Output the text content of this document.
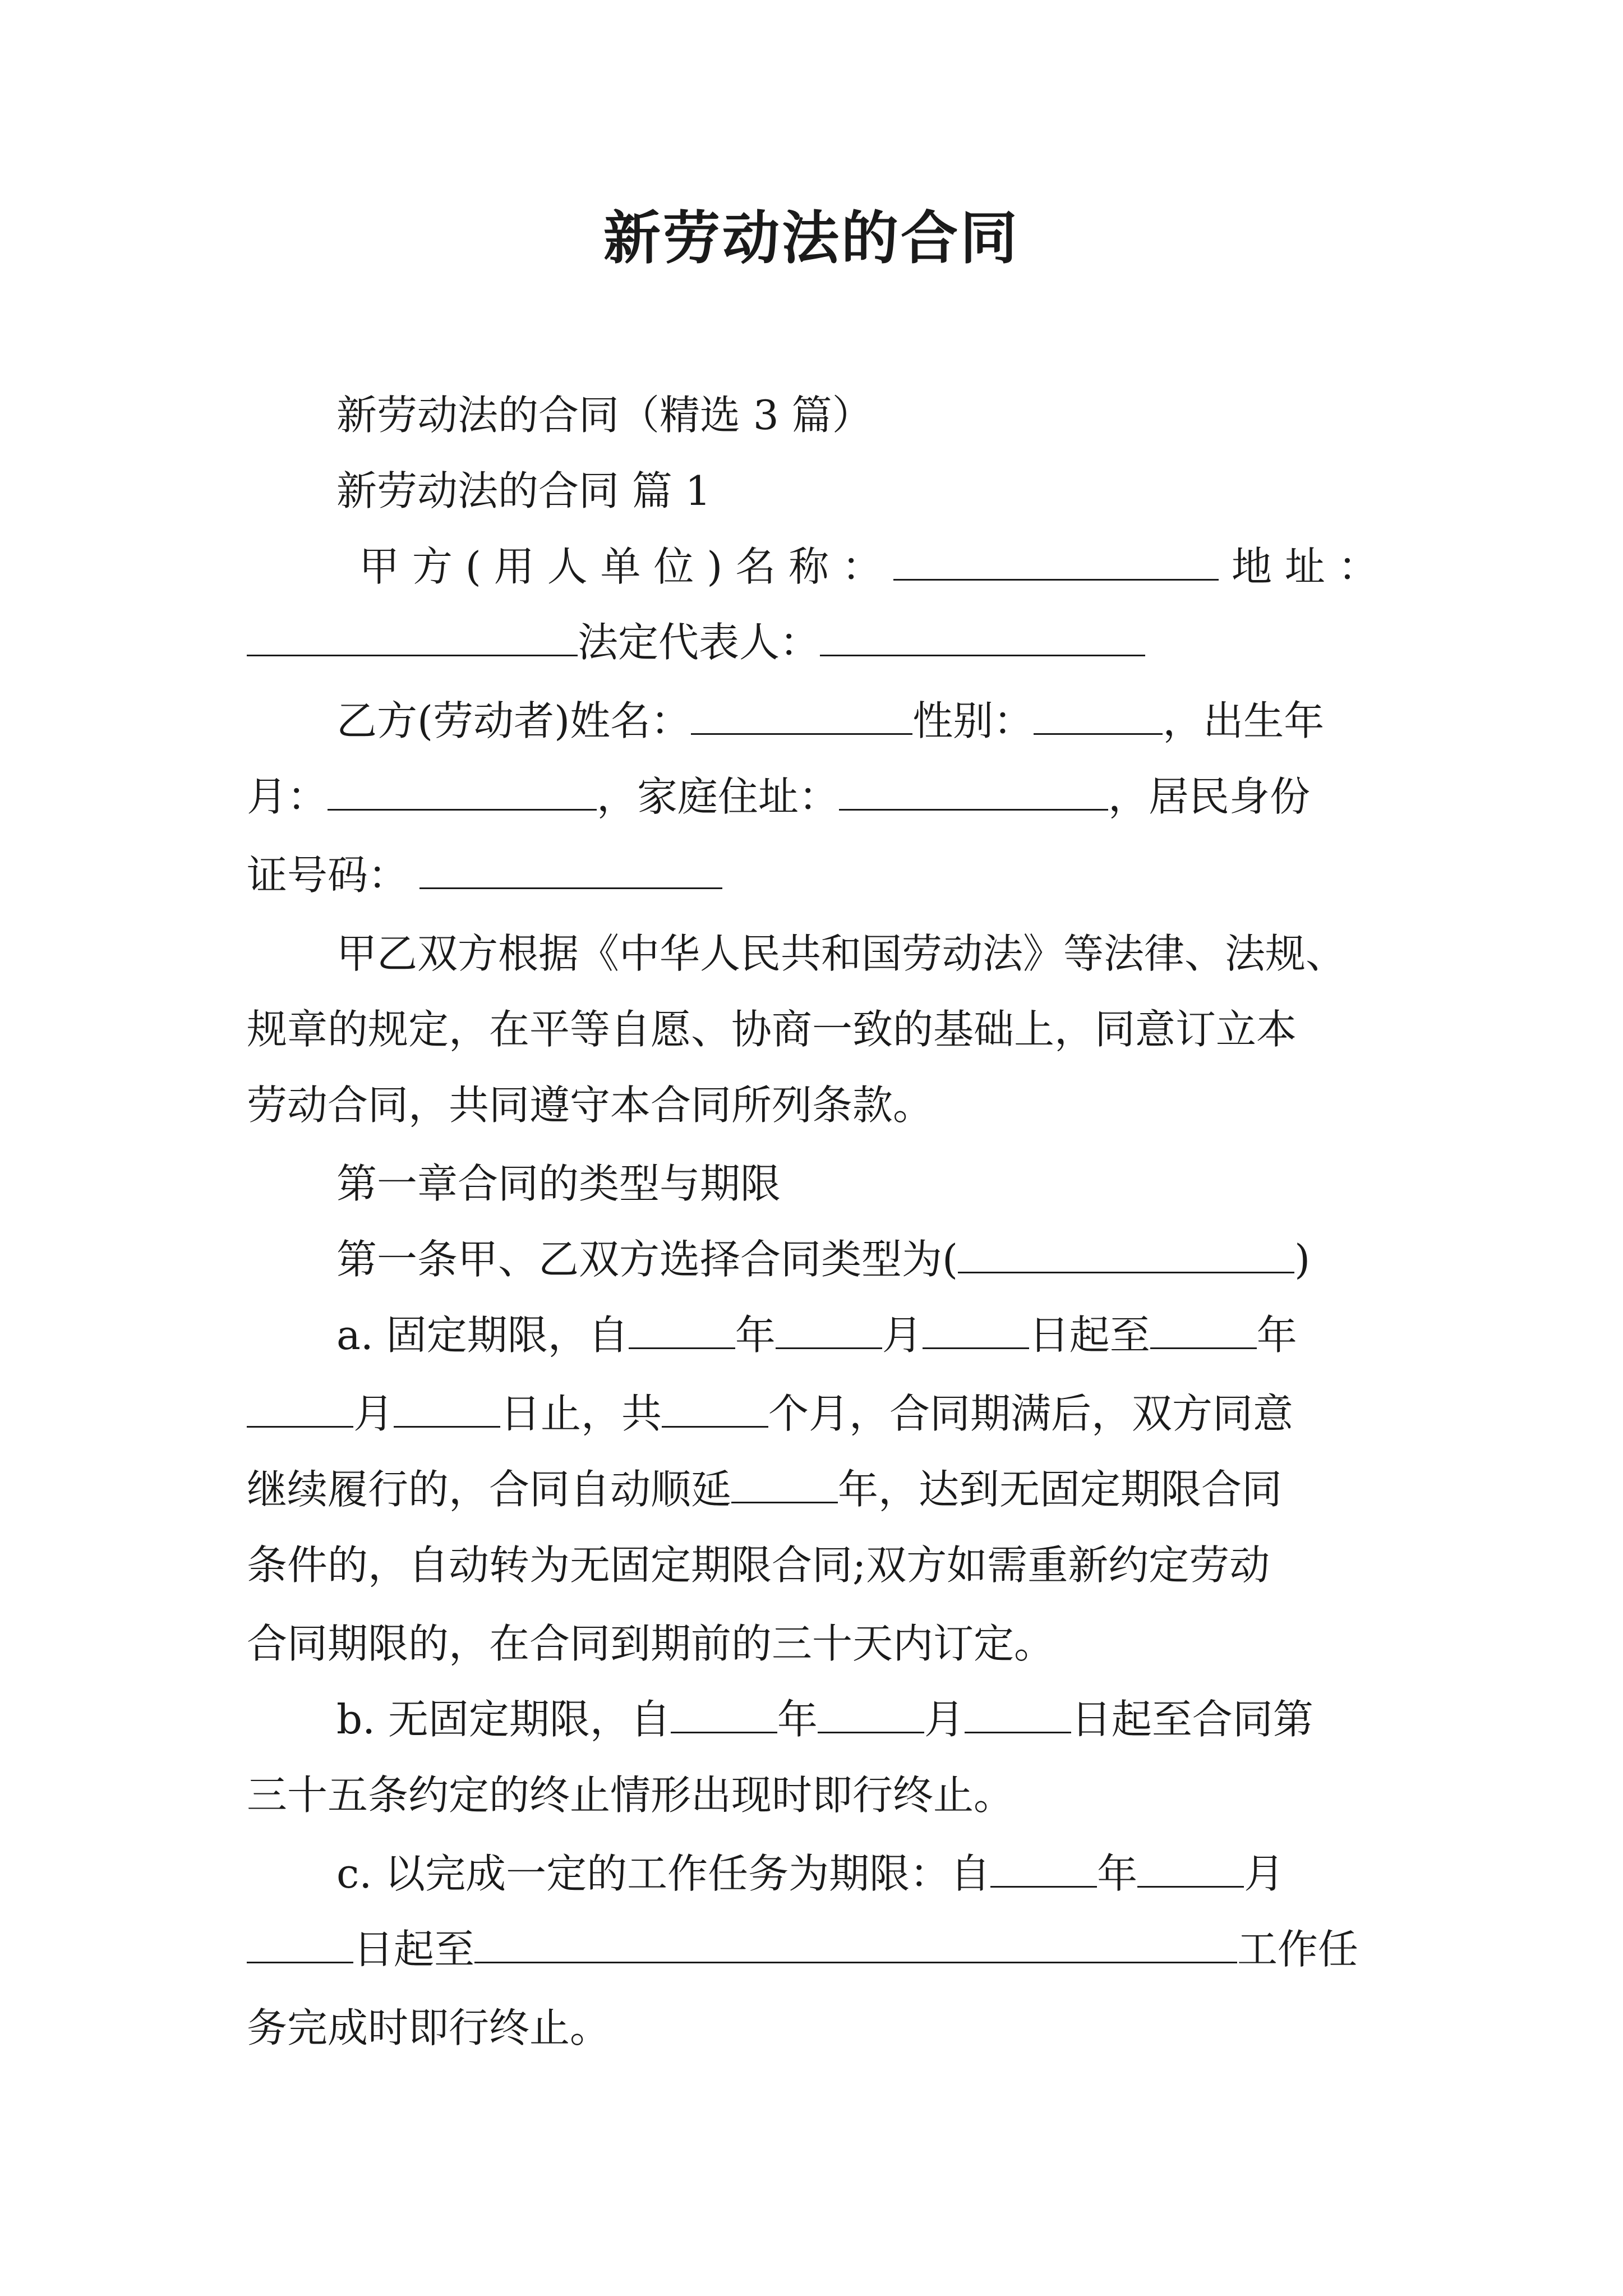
新劳动法的合同
新劳动法的合同（精选 3 篇）
新劳动法的合同 篇 1
甲 方 ( 用 人 单 位 ) 名 称 ：	地 址 ：
法定代表人：
乙方(劳动者)姓名：	性别：	，出生年
月：	，家庭住址：	，居民身份
证号码：
甲乙双方根据《中华人民共和国劳动法》等法律、法规、
规章的规定，在平等自愿、协商一致的基础上，同意订立本
劳动合同，共同遵守本合同所列条款。
第一章合同的类型与期限
第一条甲、乙双方选择合同类型为(	)
a. 固定期限，自	年	月	日起至	年
月	日止，共	个月，合同期满后，双方同意
继续履行的，合同自动顺延	年，达到无固定期限合同
条件的，自动转为无固定期限合同;双方如需重新约定劳动
合同期限的，在合同到期前的三十天内订定。
b. 无固定期限，自	年	月	日起至合同第
三十五条约定的终止情形出现时即行终止。
c. 以完成一定的工作任务为期限：自	年	月
日起至	工作任
务完成时即行终止。
